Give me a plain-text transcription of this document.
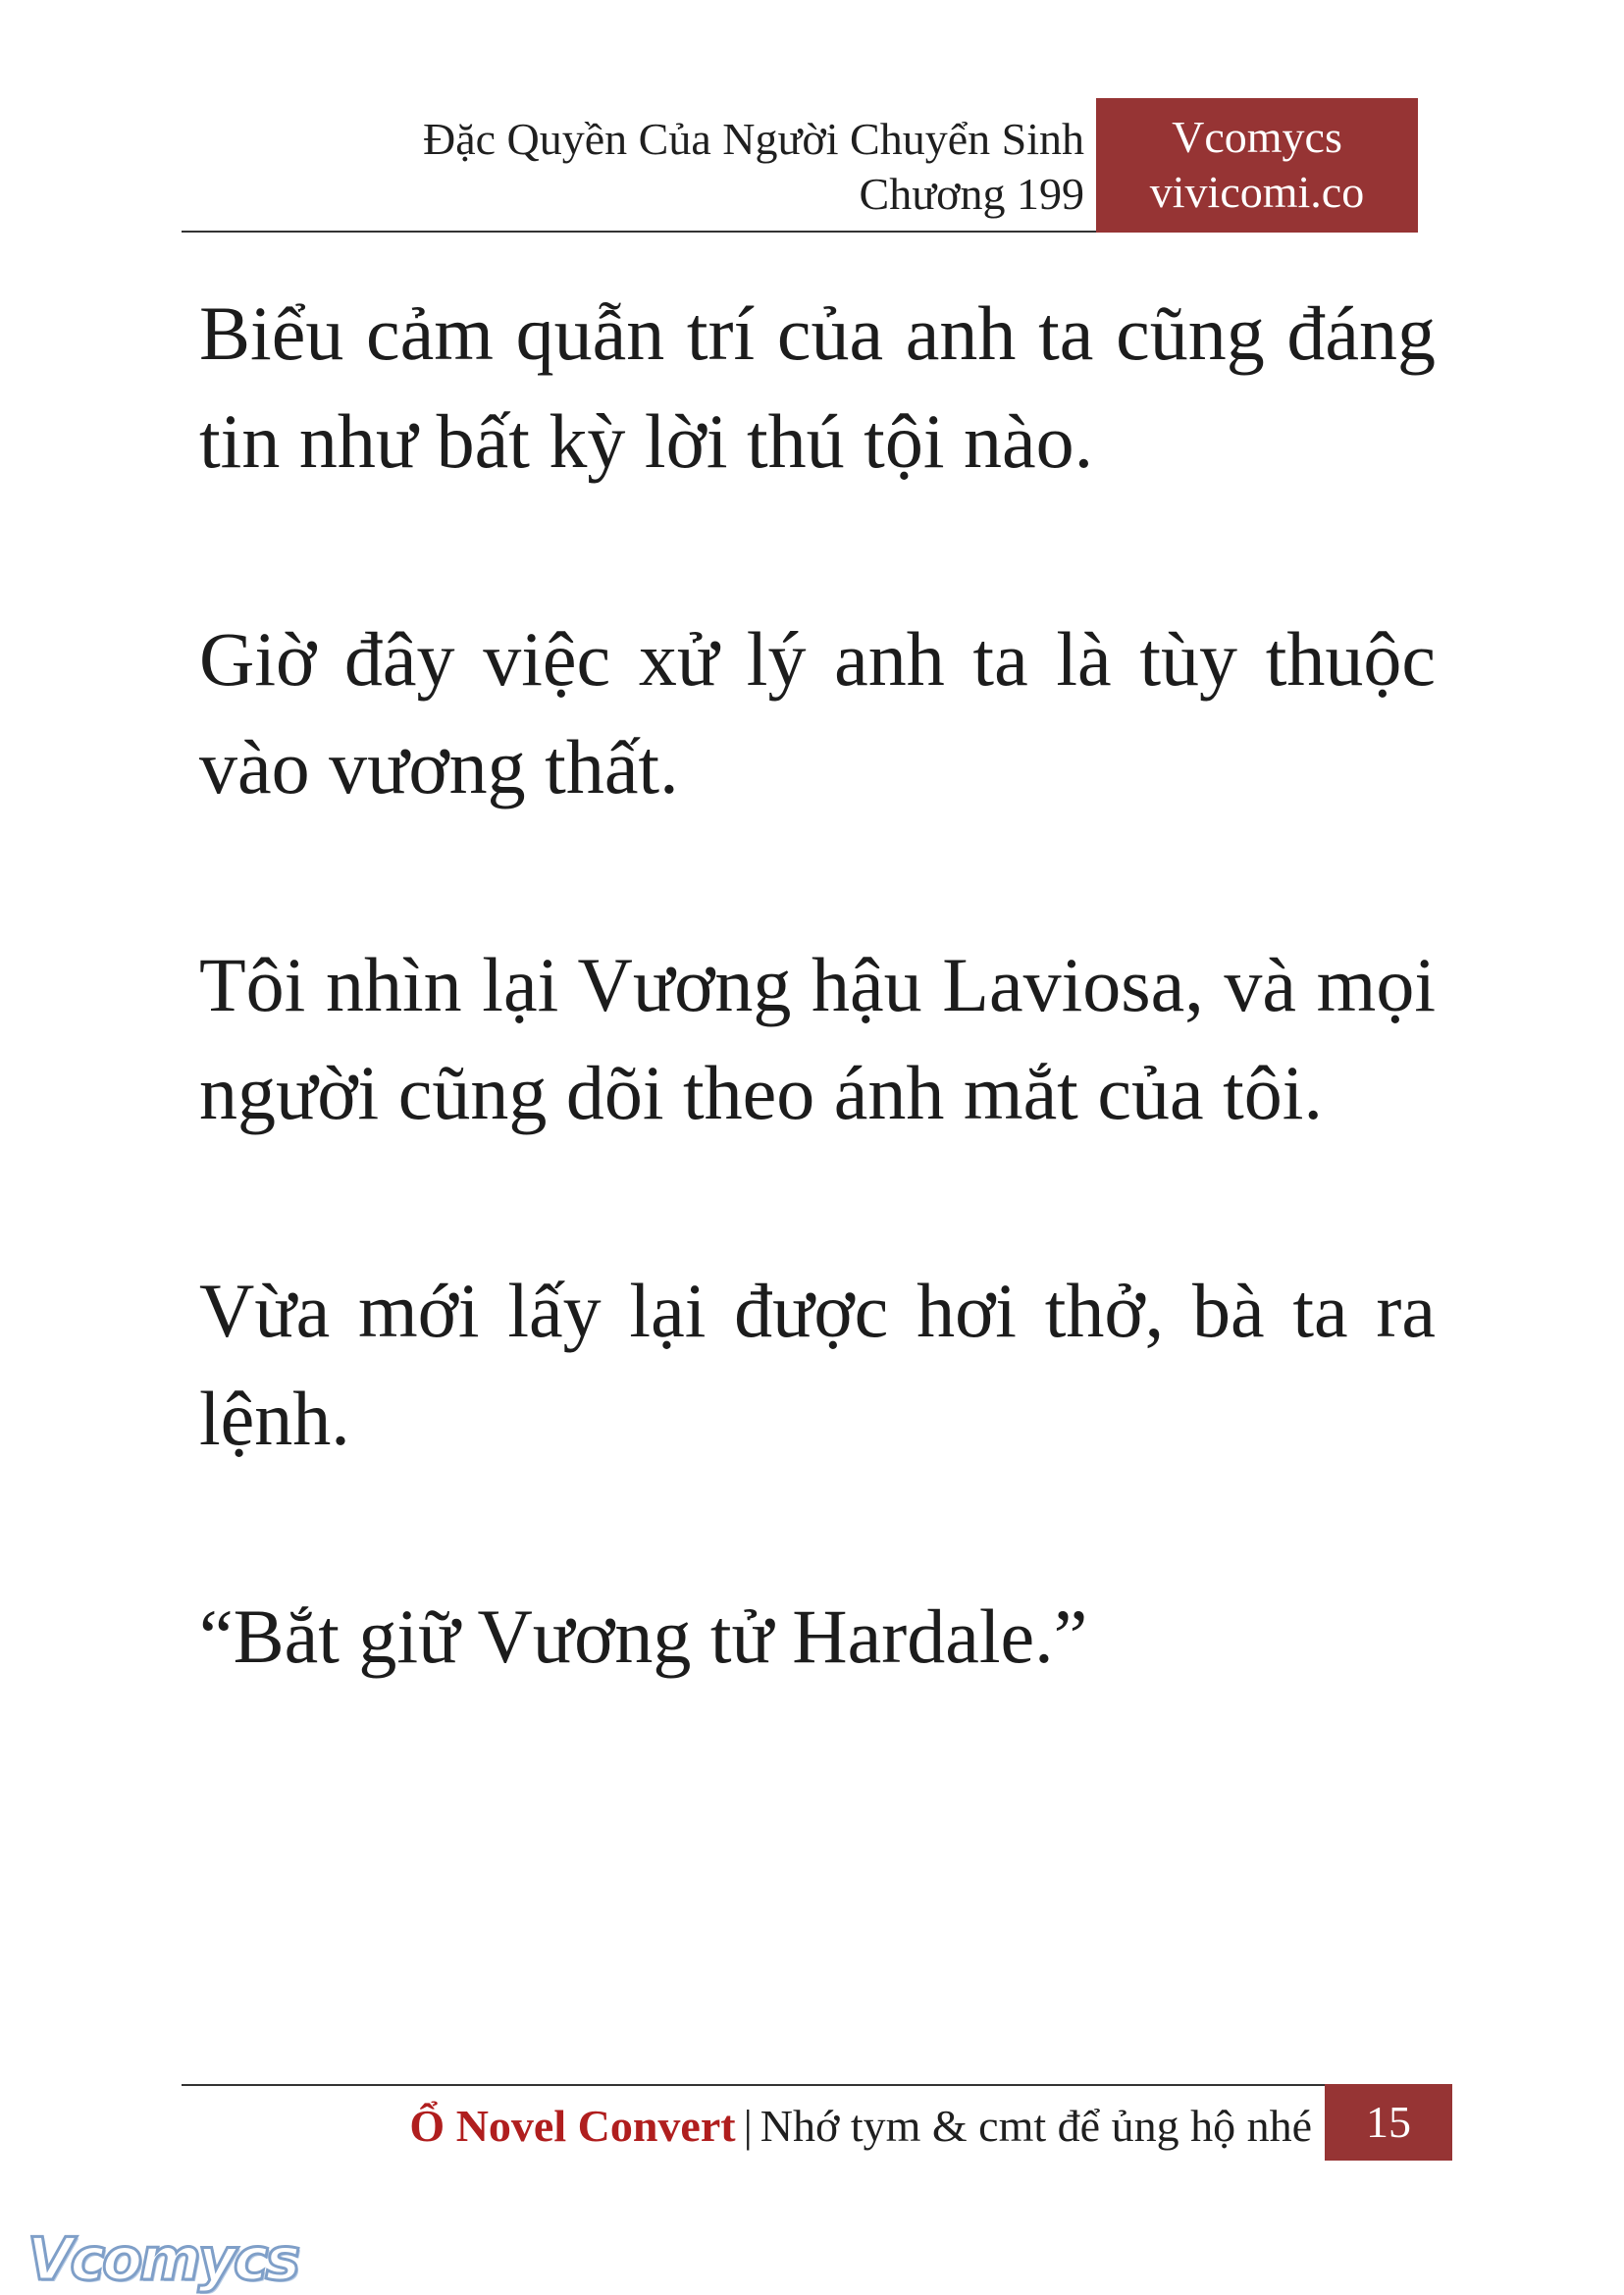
Đặc Quyền Của Người Chuyển Sinh
Chương 199
Vcomycs
vivicomi.co

Biểu cảm quẫn trí của anh ta cũng đáng tin như bất kỳ lời thú tội nào.

Giờ đây việc xử lý anh ta là tùy thuộc vào vương thất.

Tôi nhìn lại Vương hậu Laviosa, và mọi người cũng dõi theo ánh mắt của tôi.

Vừa mới lấy lại được hơi thở, bà ta ra lệnh.

“Bắt giữ Vương tử Hardale.”

Ổ Novel Convert | Nhớ tym & cmt để ủng hộ nhé	15
Vcomycs
